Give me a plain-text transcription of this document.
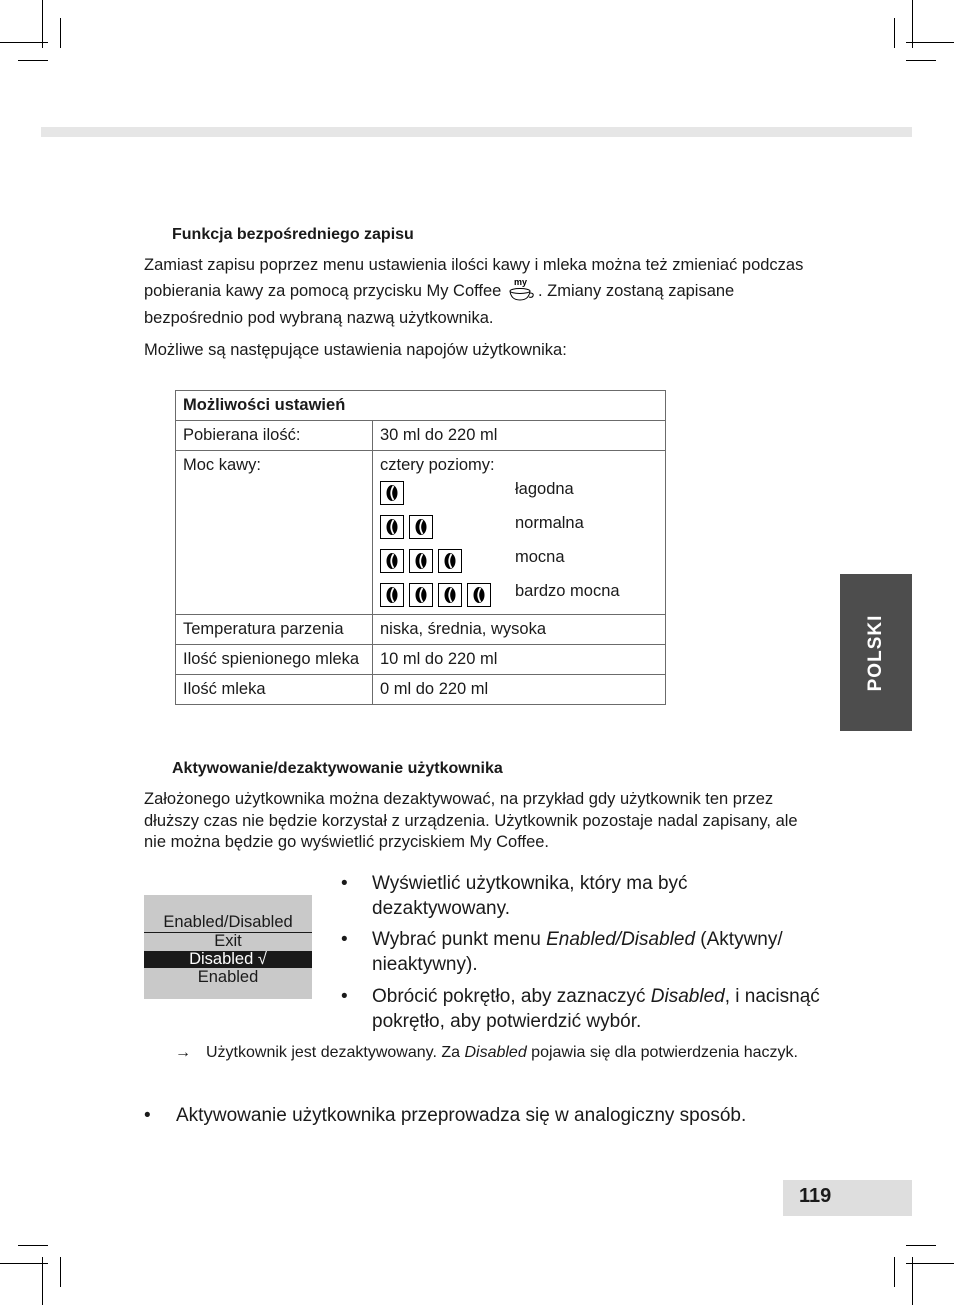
Funkcja bezpośredniego zapisu
Zamiast zapisu poprzez menu ustawienia ilości kawy i mleka można też zmieniać podczas pobierania kawy za pomocą przycisku My Coffee my . Zmiany zostaną zapisane bezpośrednio pod wybraną nazwą użytkownika.
Możliwe są następujące ustawienia napojów użytkownika:
Możliwości ustawień	
Pobierana ilość:	30 ml do 220 ml
Moc kawy:	cztery poziomy:
łagodna
normalna
mocna
bardzo mocna

Temperatura parzenia	niska, średnia, wysoka
Ilość spienionego mleka	10 ml do 220 ml
Ilość mleka	0 ml do 220 ml
Aktywowanie/dezaktywowanie użytkownika
Założonego użytkownika można dezaktywować, na przykład gdy użytkownik ten przez dłuższy czas nie będzie korzystał z urządzenia. Użytkownik pozostaje nadal zapisany, ale nie można będzie go wyświetlić przyciskiem My Coffee.
Enabled/Disabled
Exit
Disabled √
Enabled
• Wyświetlić użytkownika, który ma być dezaktywowany.
• Wybrać punkt menu Enabled/Disabled (Aktywny/ nieaktywny).
• Obrócić pokrętło, aby zaznaczyć Disabled, i nacisnąć pokrętło, aby potwierdzić wybór.
→ Użytkownik jest dezaktywowany. Za Disabled pojawia się dla potwierdzenia haczyk.
• Aktywowanie użytkownika przeprowadza się w analogiczny sposób.
POLSKI
119
